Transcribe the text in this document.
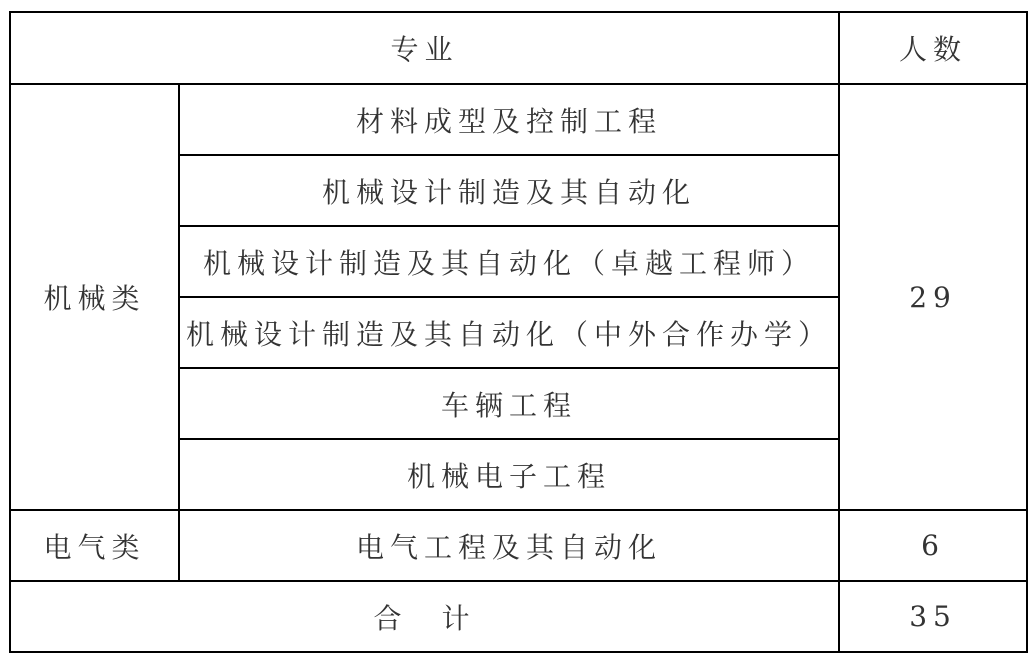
专业		人数
机械类	材料成型及控制工程	29
	机械设计制造及其自动化	
	机械设计制造及其自动化（卓越工程师）	
	机械设计制造及其自动化（中外合作办学）	
	车辆工程	
	机械电子工程	
电气类	电气工程及其自动化	6
合　计		35
